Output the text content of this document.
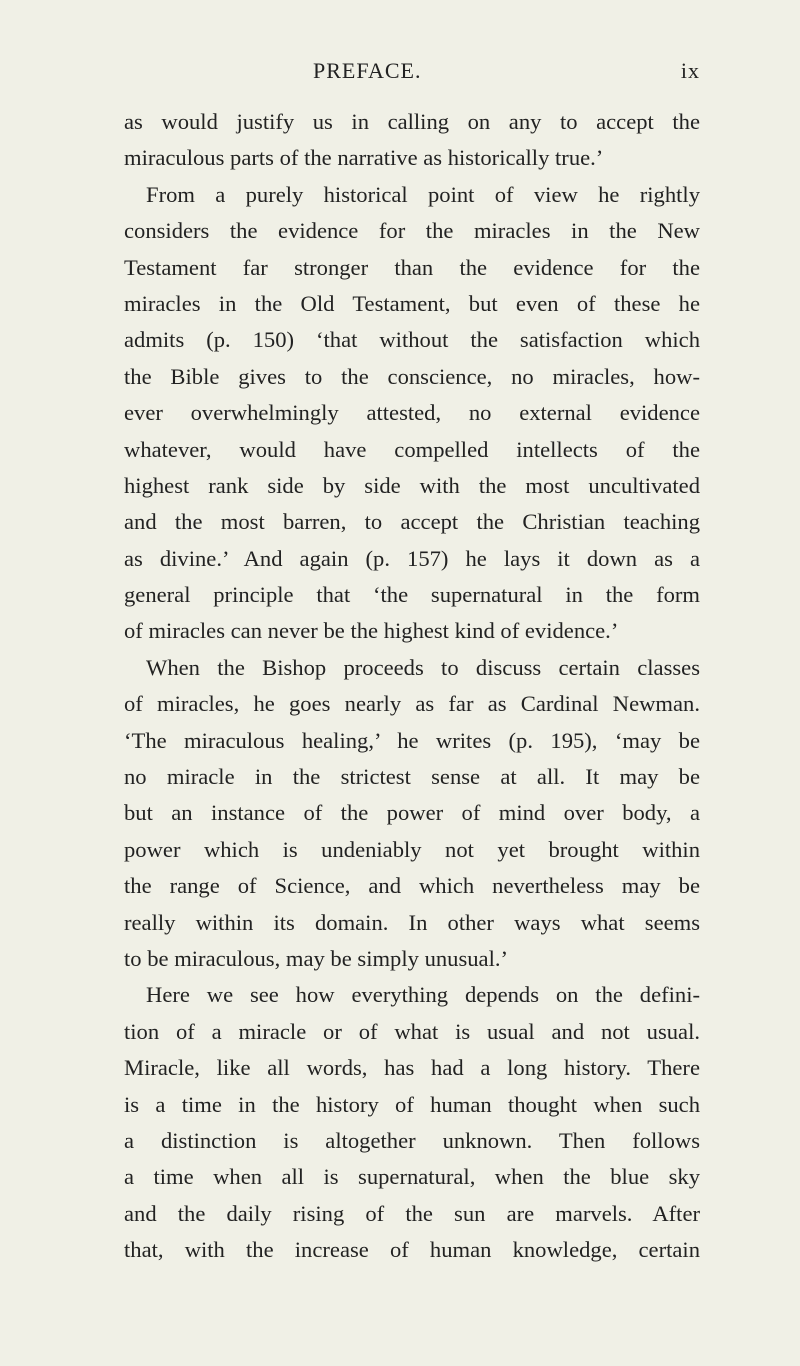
PREFACE.	ix
as would justify us in calling on any to accept the
miraculous parts of the narrative as historically true.’
From a purely historical point of view he rightly
considers the evidence for the miracles in the New
Testament far stronger than the evidence for the
miracles in the Old Testament, but even of these he
admits (p. 150) ‘that without the satisfaction which
the Bible gives to the conscience, no miracles, how-
ever overwhelmingly attested, no external evidence
whatever, would have compelled intellects of the
highest rank side by side with the most uncultivated
and the most barren, to accept the Christian teaching
as divine.’ And again (p. 157) he lays it down as a
general principle that ‘the supernatural in the form
of miracles can never be the highest kind of evidence.’
When the Bishop proceeds to discuss certain classes
of miracles, he goes nearly as far as Cardinal Newman.
‘The miraculous healing,’ he writes (p. 195), ‘may be
no miracle in the strictest sense at all. It may be
but an instance of the power of mind over body, a
power which is undeniably not yet brought within
the range of Science, and which nevertheless may be
really within its domain. In other ways what seems
to be miraculous, may be simply unusual.’
Here we see how everything depends on the defini-
tion of a miracle or of what is usual and not usual.
Miracle, like all words, has had a long history. There
is a time in the history of human thought when such
a distinction is altogether unknown. Then follows
a time when all is supernatural, when the blue sky
and the daily rising of the sun are marvels. After
that, with the increase of human knowledge, certain
